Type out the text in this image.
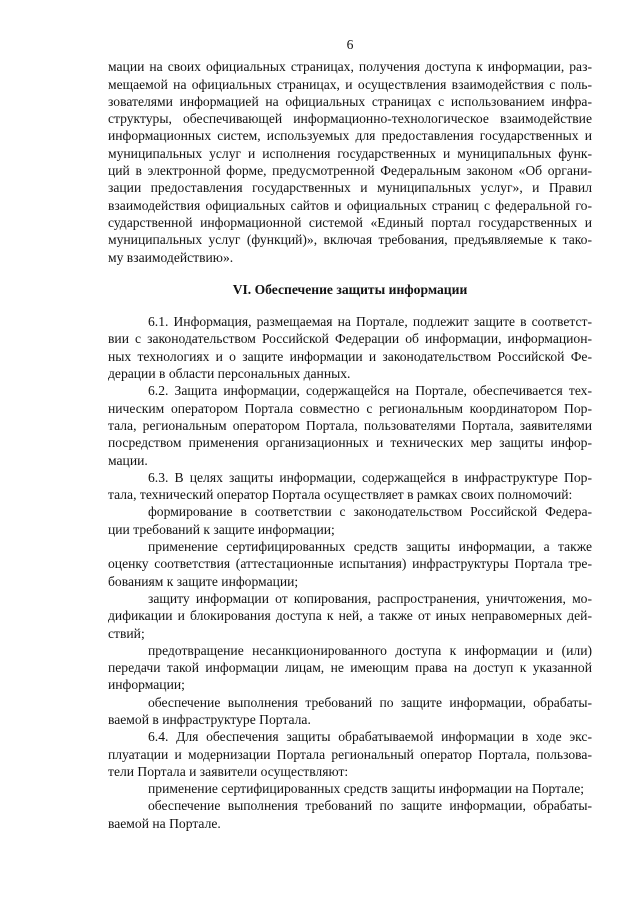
6
мации на своих официальных страницах, получения доступа к информации, раз-
мещаемой на официальных страницах, и осуществления взаимодействия с поль-
зователями информацией на официальных страницах с использованием инфра-
структуры, обеспечивающей информационно-технологическое взаимодействие
информационных систем, используемых для предоставления государственных и
муниципальных услуг и исполнения государственных и муниципальных функ-
ций в электронной форме, предусмотренной Федеральным законом «Об органи-
зации предоставления государственных и муниципальных услуг», и Правил
взаимодействия официальных сайтов и официальных страниц с федеральной го-
сударственной информационной системой «Единый портал государственных и
муниципальных услуг (функций)», включая требования, предъявляемые к тако-
му взаимодействию».
VI. Обеспечение защиты информации
6.1. Информация, размещаемая на Портале, подлежит защите в соответст-
вии с законодательством Российской Федерации об информации, информацион-
ных технологиях и о защите информации и законодательством Российской Фе-
дерации в области персональных данных.
6.2. Защита информации, содержащейся на Портале, обеспечивается тех-
ническим оператором Портала совместно с региональным координатором Пор-
тала, региональным оператором Портала, пользователями Портала, заявителями
посредством применения организационных и технических мер защиты инфор-
мации.
6.3. В целях защиты информации, содержащейся в инфраструктуре Пор-
тала, технический оператор Портала осуществляет в рамках своих полномочий:
формирование в соответствии с законодательством Российской Федера-
ции требований к защите информации;
применение сертифицированных средств защиты информации, а также
оценку соответствия (аттестационные испытания) инфраструктуры Портала тре-
бованиям к защите информации;
защиту информации от копирования, распространения, уничтожения, мо-
дификации и блокирования доступа к ней, а также от иных неправомерных дей-
ствий;
предотвращение несанкционированного доступа к информации и (или)
передачи такой информации лицам, не имеющим права на доступ к указанной
информации;
обеспечение выполнения требований по защите информации, обрабаты-
ваемой в инфраструктуре Портала.
6.4. Для обеспечения защиты обрабатываемой информации в ходе экс-
плуатации и модернизации Портала региональный оператор Портала, пользова-
тели Портала и заявители осуществляют:
применение сертифицированных средств защиты информации на Портале;
обеспечение выполнения требований по защите информации, обрабаты-
ваемой на Портале.
